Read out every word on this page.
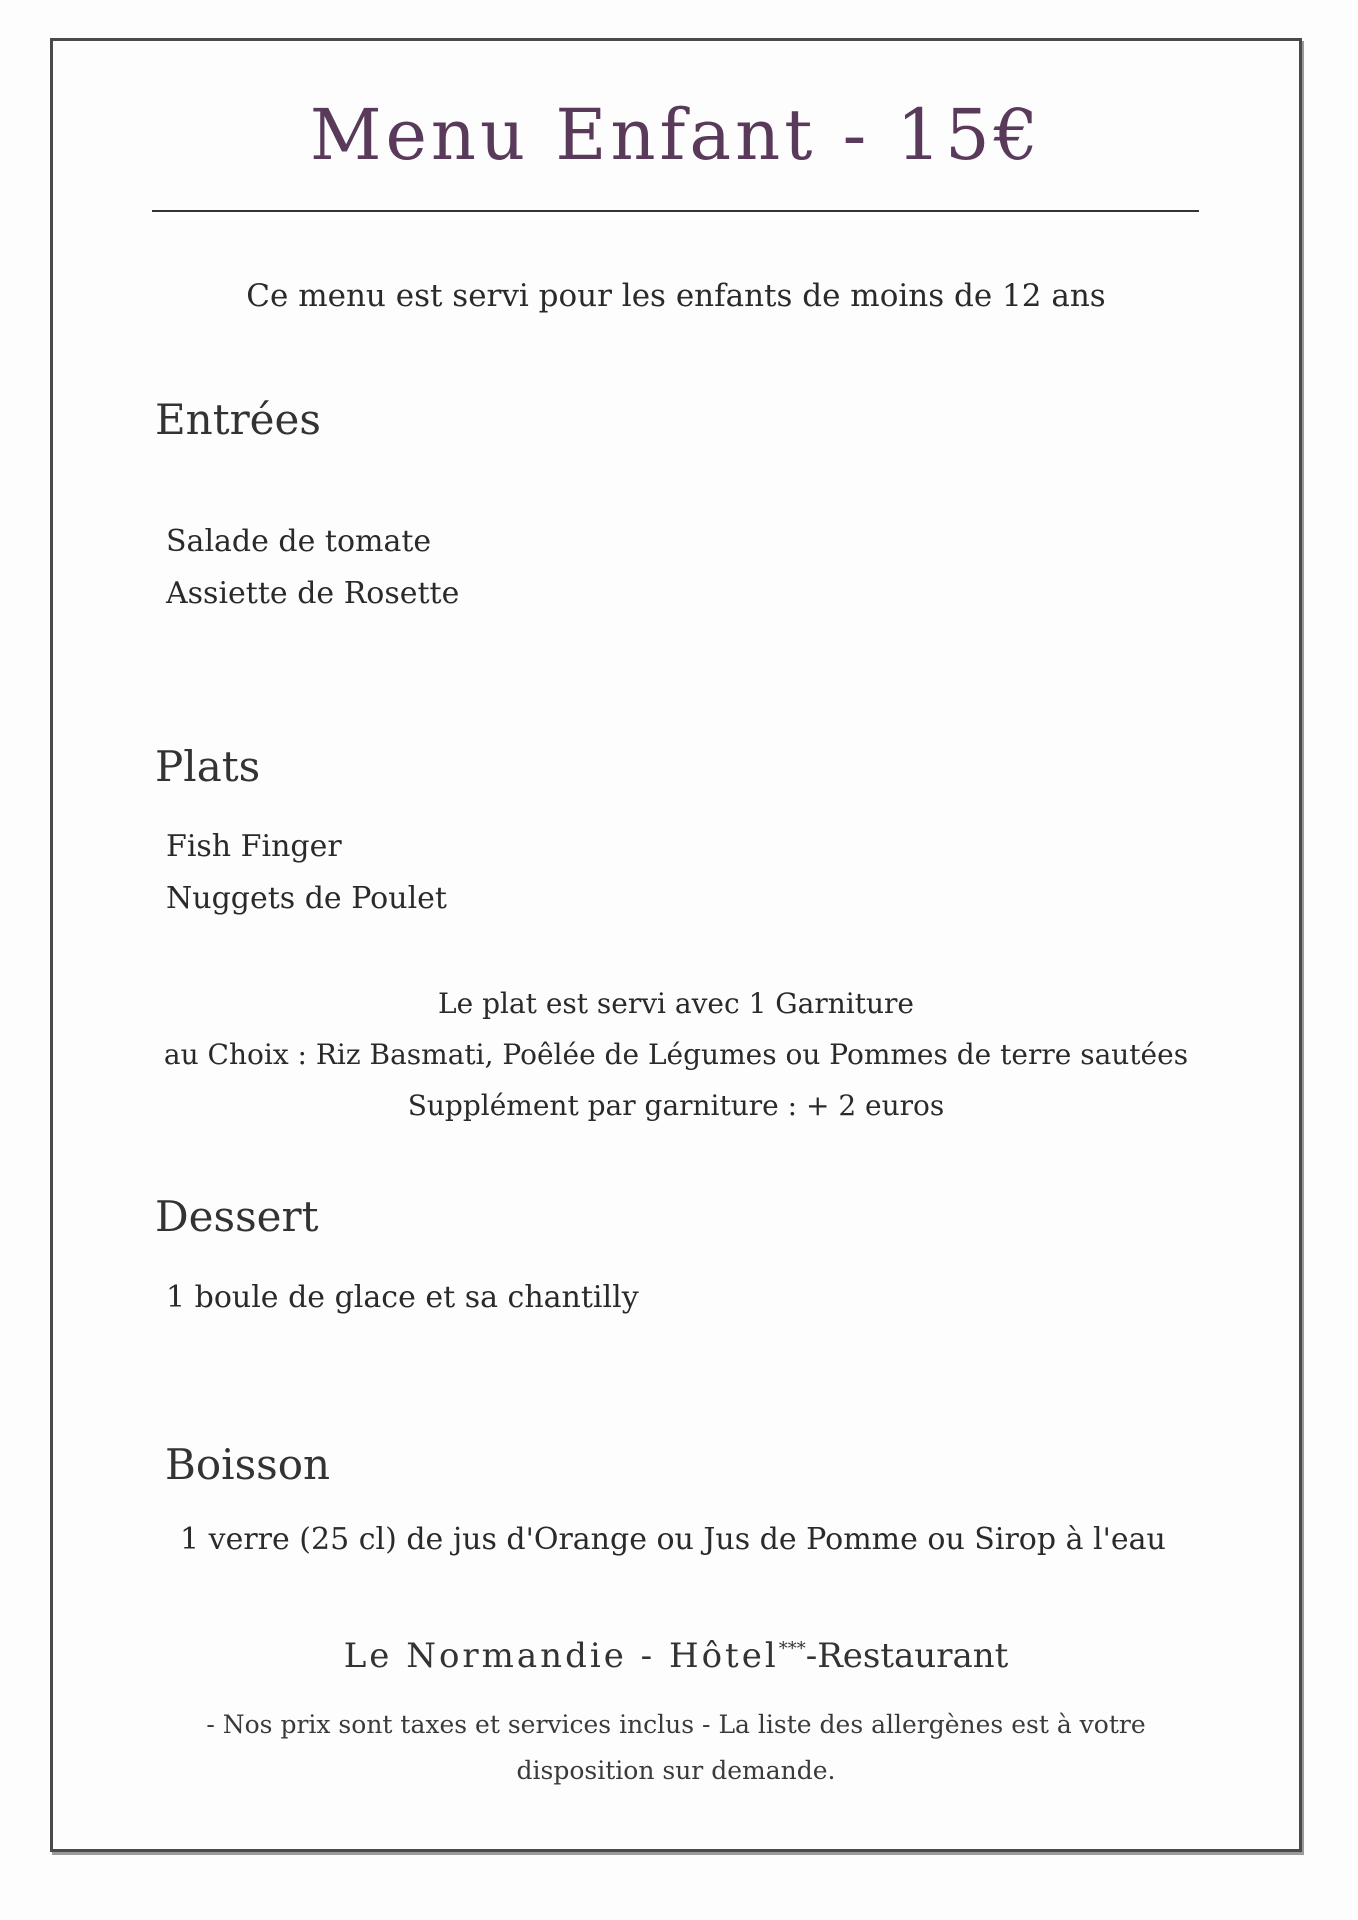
Menu Enfant - 15€
Ce menu est servi pour les enfants de moins de 12 ans
Entrées
Salade de tomate
Assiette de Rosette
Plats
Fish Finger
Nuggets de Poulet
Le plat est servi avec 1 Garniture
au Choix : Riz Basmati, Poêlée de Légumes ou Pommes de terre sautées
Supplément par garniture : + 2 euros
Dessert
1 boule de glace et sa chantilly
Boisson
1 verre (25 cl) de jus d'Orange ou Jus de Pomme ou Sirop à l'eau
Le Normandie - Hôtel***-Restaurant
- Nos prix sont taxes et services inclus - La liste des allergènes est à votre
disposition sur demande.
